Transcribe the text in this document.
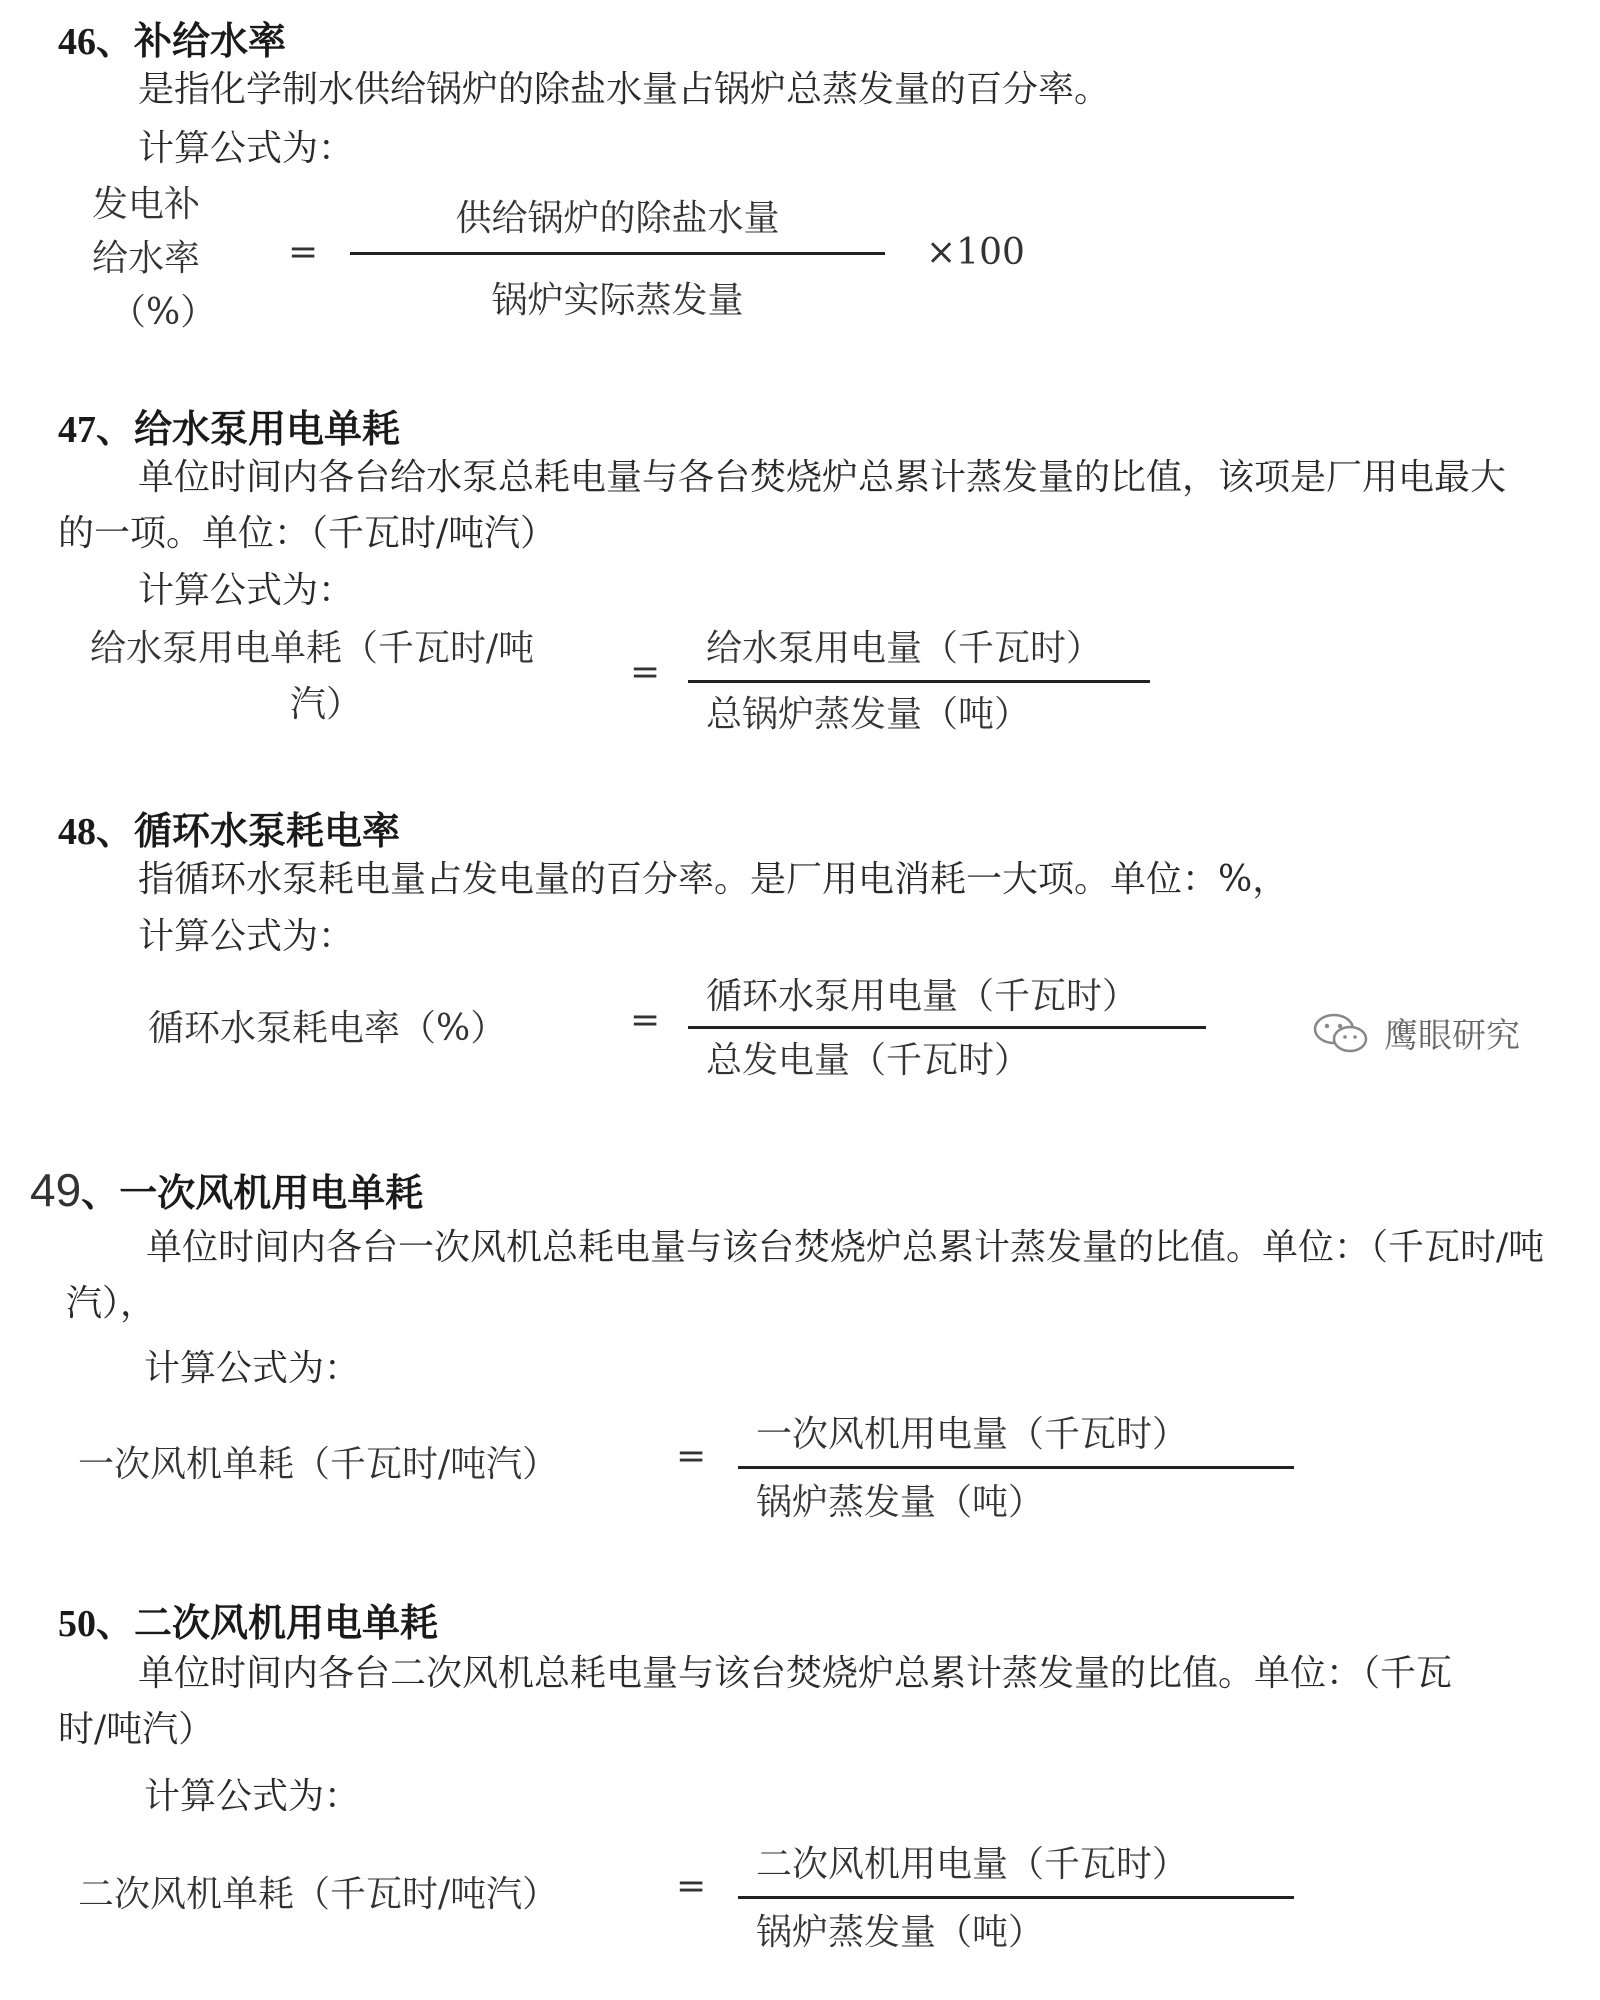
46、补给水率

是指化学制水供给锅炉的除盐水量占锅炉总蒸发量的百分率。

计算公式为：
发电补
给水率
（%）
=
供给锅炉的除盐水量
锅炉实际蒸发量
×100
47、给水泵用电单耗

单位时间内各台给水泵总耗电量与各台焚烧炉总累计蒸发量的比值，该项是厂用电最大的一项。单位：（千瓦时/吨汽）

计算公式为：
给水泵用电单耗（千瓦时/吨
汽）
=
给水泵用电量（千瓦时）
总锅炉蒸发量（吨）
48、循环水泵耗电率

指循环水泵耗电量占发电量的百分率。是厂用电消耗一大项。单位：%，

计算公式为：
循环水泵耗电率（%）	=
循环水泵用电量（千瓦时）
总发电量（千瓦时）
鹰眼研究
49、一次风机用电单耗

单位时间内各台一次风机总耗电量与该台焚烧炉总累计蒸发量的比值。单位：（千瓦时/吨汽），

计算公式为：
一次风机单耗（千瓦时/吨汽）	=
一次风机用电量（千瓦时）
锅炉蒸发量（吨）
50、二次风机用电单耗

单位时间内各台二次风机总耗电量与该台焚烧炉总累计蒸发量的比值。单位：（千瓦时/吨汽）

计算公式为：
二次风机单耗（千瓦时/吨汽）	=
二次风机用电量（千瓦时）
锅炉蒸发量（吨）
